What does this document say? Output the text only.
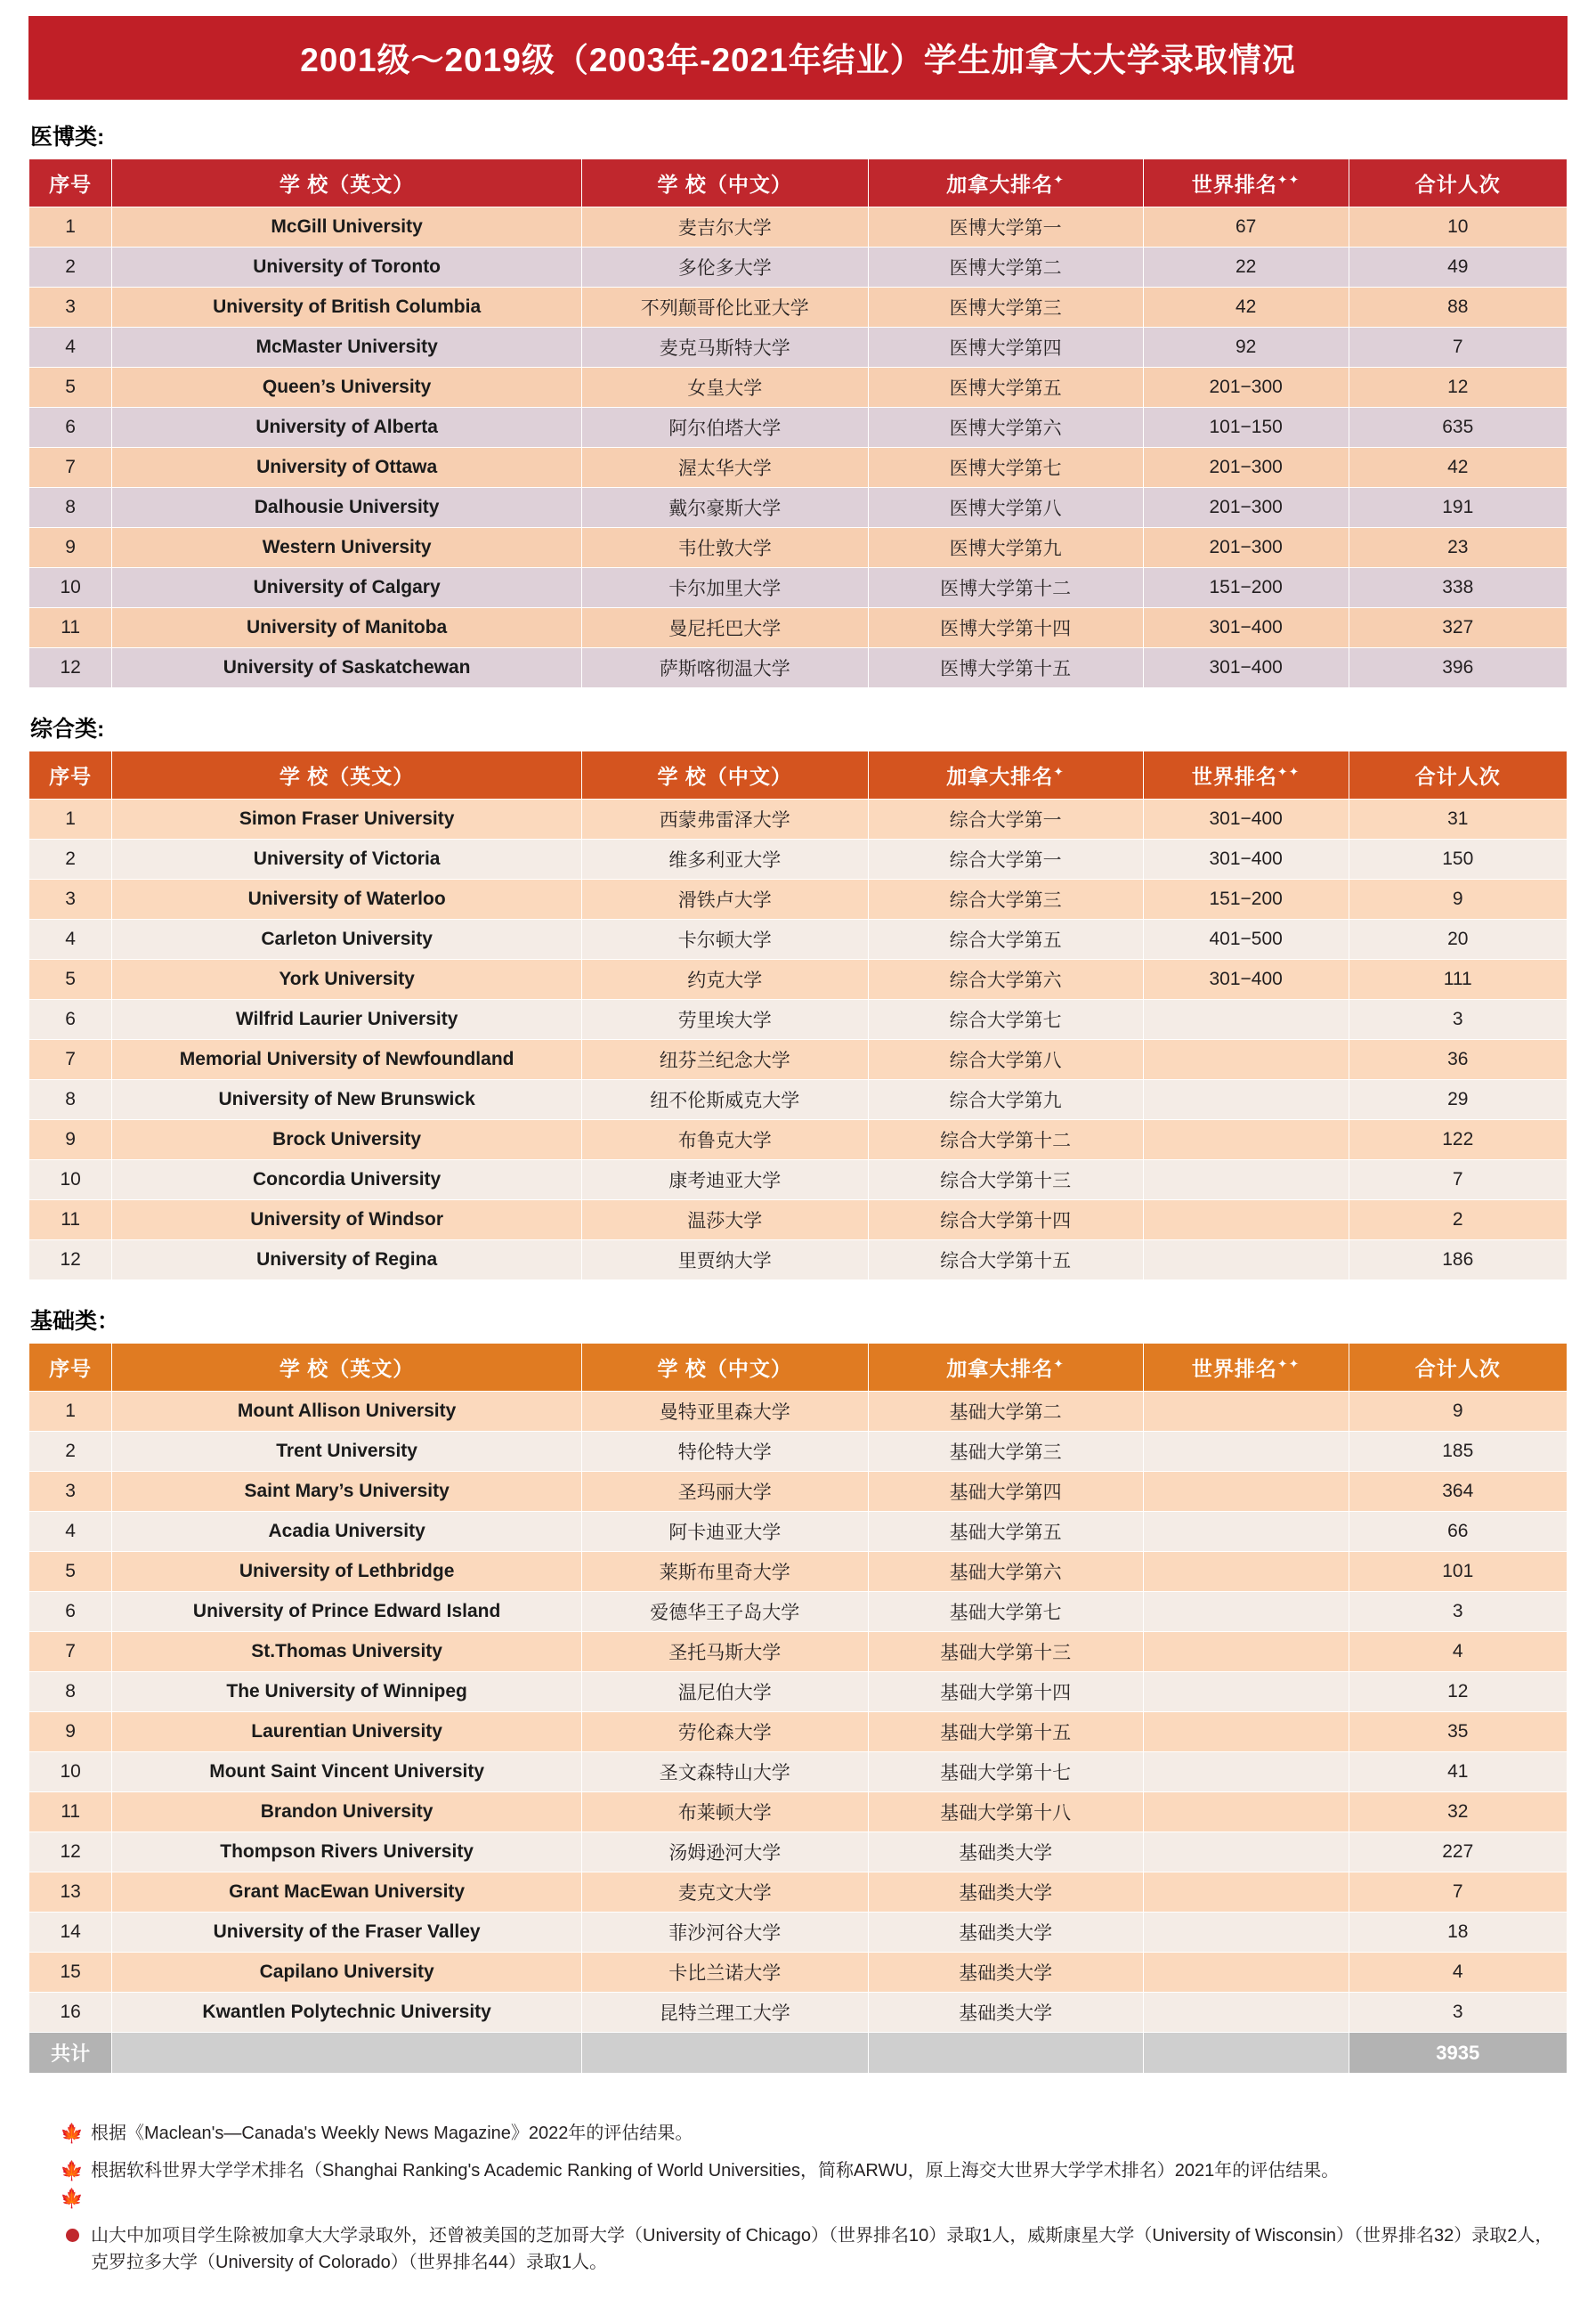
2001级～2019级（2003年-2021年结业）学生加拿大大学录取情况
医博类:
序号	学 校（英文）	学 校（中文）	加拿大排名✦	世界排名✦✦	合计人次
1	McGill University	麦吉尔大学	医博大学第一	67	10
2	University of Toronto	多伦多大学	医博大学第二	22	49
3	University of British Columbia	不列颠哥伦比亚大学	医博大学第三	42	88
4	McMaster University	麦克马斯特大学	医博大学第四	92	7
5	Queen’s University	女皇大学	医博大学第五	201−300	12
6	University of Alberta	阿尔伯塔大学	医博大学第六	101−150	635
7	University of Ottawa	渥太华大学	医博大学第七	201−300	42
8	Dalhousie University	戴尔豪斯大学	医博大学第八	201−300	191
9	Western University	韦仕敦大学	医博大学第九	201−300	23
10	University of Calgary	卡尔加里大学	医博大学第十二	151−200	338
11	University of Manitoba	曼尼托巴大学	医博大学第十四	301−400	327
12	University of Saskatchewan	萨斯喀彻温大学	医博大学第十五	301−400	396
综合类:
序号	学 校（英文）	学 校（中文）	加拿大排名✦	世界排名✦✦	合计人次
1	Simon Fraser University	西蒙弗雷泽大学	综合大学第一	301−400	31
2	University of Victoria	维多利亚大学	综合大学第一	301−400	150
3	University of Waterloo	滑铁卢大学	综合大学第三	151−200	9
4	Carleton University	卡尔顿大学	综合大学第五	401−500	20
5	York University	约克大学	综合大学第六	301−400	111
6	Wilfrid Laurier University	劳里埃大学	综合大学第七		3
7	Memorial University of Newfoundland	纽芬兰纪念大学	综合大学第八		36
8	University of New Brunswick	纽不伦斯威克大学	综合大学第九		29
9	Brock University	布鲁克大学	综合大学第十二		122
10	Concordia University	康考迪亚大学	综合大学第十三		7
11	University of Windsor	温莎大学	综合大学第十四		2
12	University of Regina	里贾纳大学	综合大学第十五		186
基础类：
序号	学 校（英文）	学 校（中文）	加拿大排名✦	世界排名✦✦	合计人次
1	Mount Allison University	曼特亚里森大学	基础大学第二		9
2	Trent University	特伦特大学	基础大学第三		185
3	Saint Mary’s University	圣玛丽大学	基础大学第四		364
4	Acadia University	阿卡迪亚大学	基础大学第五		66
5	University of Lethbridge	莱斯布里奇大学	基础大学第六		101
6	University of Prince Edward Island	爱德华王子岛大学	基础大学第七		3
7	St.Thomas University	圣托马斯大学	基础大学第十三		4
8	The University of Winnipeg	温尼伯大学	基础大学第十四		12
9	Laurentian University	劳伦森大学	基础大学第十五		35
10	Mount Saint Vincent University	圣文森特山大学	基础大学第十七		41
11	Brandon University	布莱顿大学	基础大学第十八		32
12	Thompson Rivers University	汤姆逊河大学	基础类大学		227
13	Grant MacEwan University	麦克文大学	基础类大学		7
14	University of the Fraser Valley	菲沙河谷大学	基础类大学		18
15	Capilano University	卡比兰诺大学	基础类大学		4
16	Kwantlen Polytechnic University	昆特兰理工大学	基础类大学		3
共计					3935
🍁 根据《Maclean's—Canada's Weekly News Magazine》2022年的评估结果。
🍁🍁
根据软科世界大学学术排名（Shanghai Ranking's Academic Ranking of World Universities，简称ARWU，原上海交大世界大学学术排名）2021年的评估结果。
山大中加项目学生除被加拿大大学录取外，还曾被美国的芝加哥大学（University of Chicago）（世界排名10）录取1人，威斯康星大学（University of Wisconsin）（世界排名32）录取2人，克罗拉多大学（University of Colorado）（世界排名44）录取1人。
